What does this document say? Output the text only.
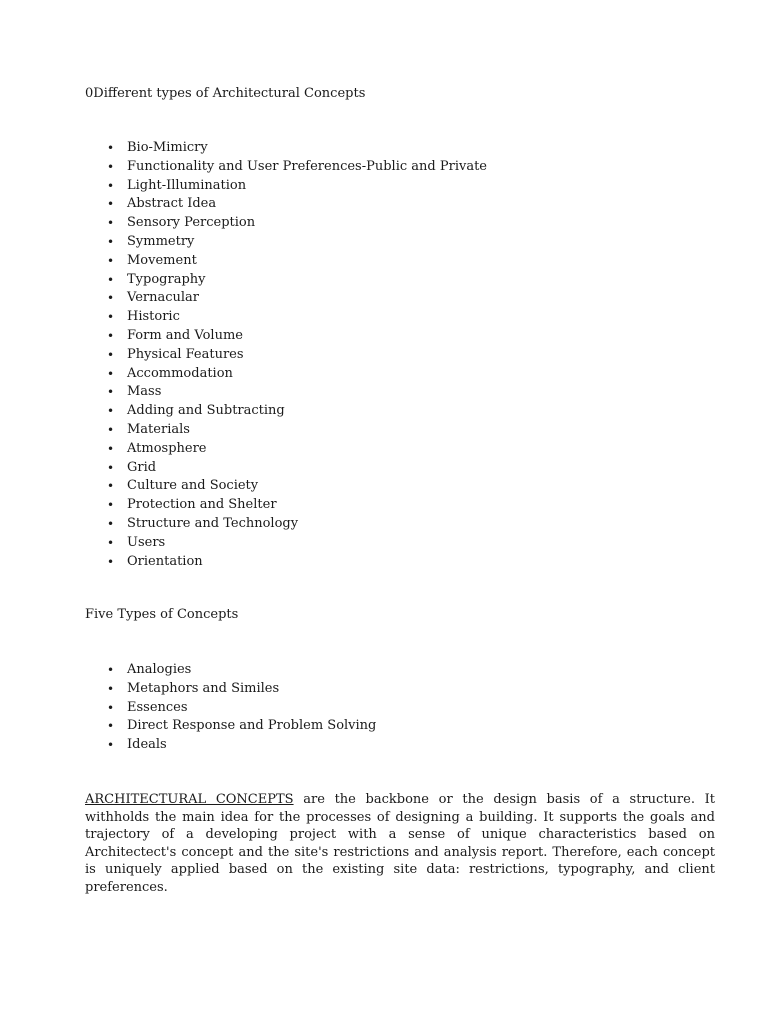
0Different types of Architectural Concepts

• Bio-Mimicry
• Functionality and User Preferences-Public and Private
• Light-Illumination
• Abstract Idea
• Sensory Perception
• Symmetry
• Movement
• Typography
• Vernacular
• Historic
• Form and Volume
• Physical Features
• Accommodation
• Mass
• Adding and Subtracting
• Materials
• Atmosphere
• Grid
• Culture and Society
• Protection and Shelter
• Structure and Technology
• Users
• Orientation

Five Types of Concepts

• Analogies
• Metaphors and Similes
• Essences
• Direct Response and Problem Solving
• Ideals

ARCHITECTURAL CONCEPTS are the backbone or the design basis of a structure. It withholds the main idea for the processes of designing a building. It supports the goals and trajectory of a developing project with a sense of unique characteristics based on Architectect's concept and the site's restrictions and analysis report. Therefore, each concept is uniquely applied based on the existing site data: restrictions, typography, and client preferences.
